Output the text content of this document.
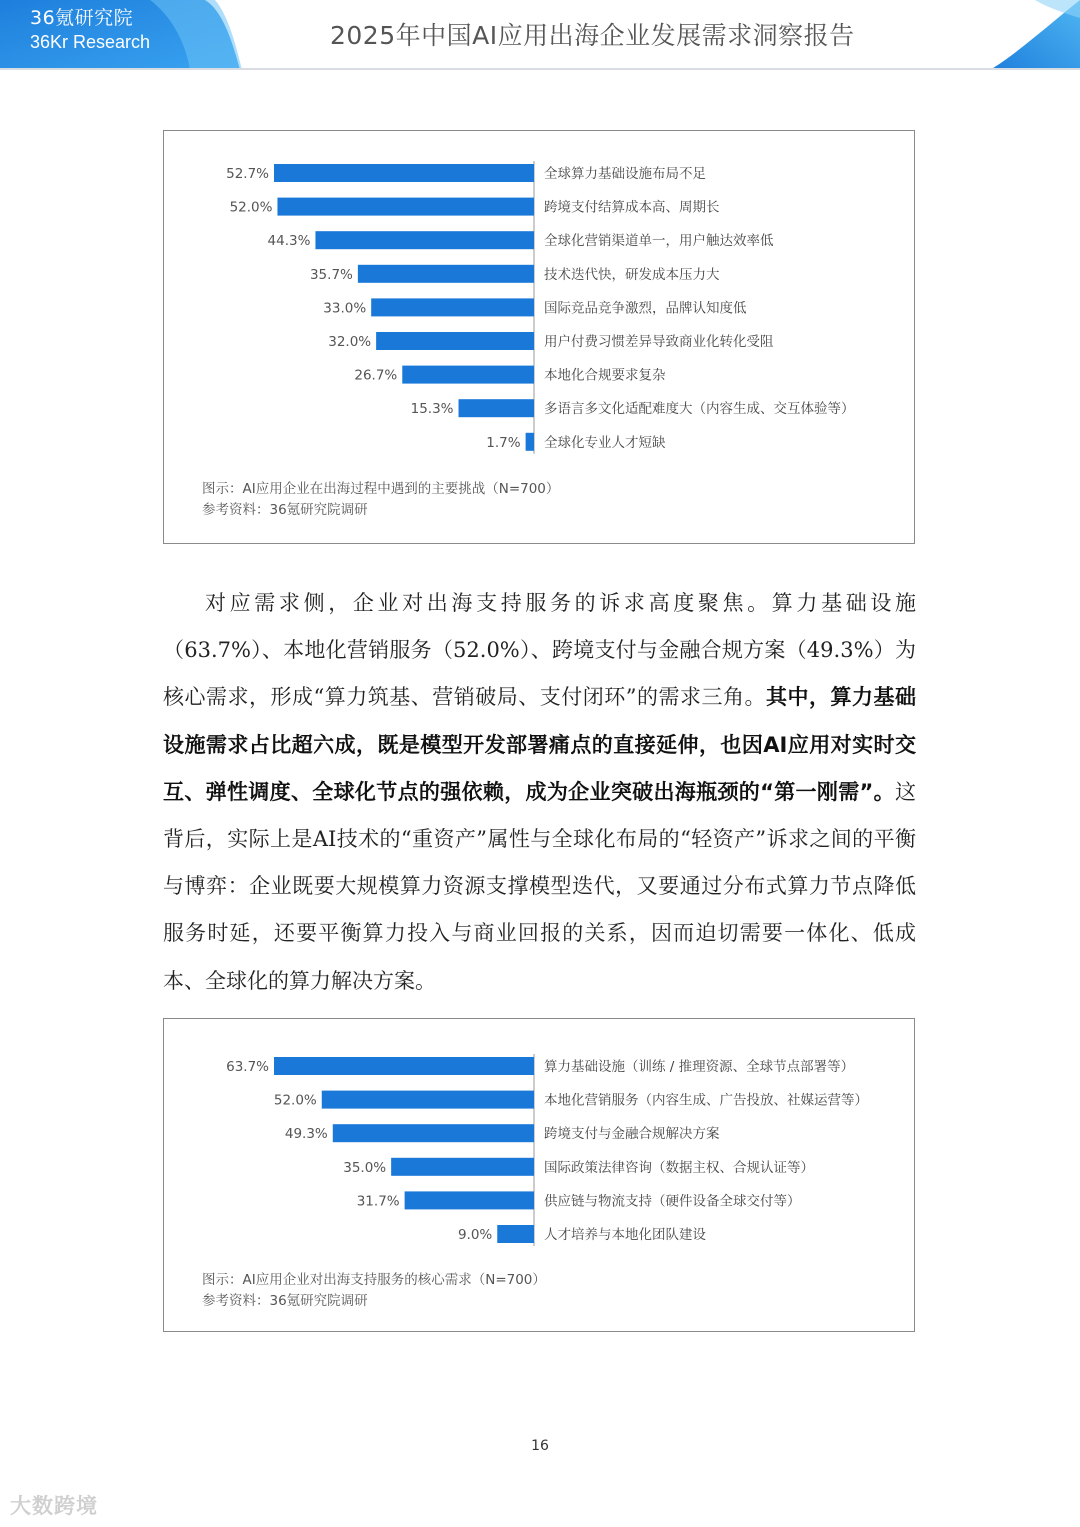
36氪研究院
36Kr Research	2025年中国AI应用出海企业发展需求洞察报告
52.7%	全球算力基础设施布局不足
52.0%	跨境支付结算成本高、周期长
44.3%	全球化营销渠道单一，用户触达效率低
35.7%	技术迭代快，研发成本压力大
33.0%	国际竞品竞争激烈，品牌认知度低
32.0%	用户付费习惯差异导致商业化转化受阻
26.7%	本地化合规要求复杂
15.3%	多语言多文化适配难度大（内容生成、交互体验等）
1.7% 全球化专业人才短缺
图示：AI应用企业在出海过程中遇到的主要挑战（N=700）
参考资料：36氪研究院调研
对应需求侧，企业对出海支持服务的诉求高度聚焦。算力基础设施（63.7%）、本地化营销服务（52.0%）、跨境支付与金融合规方案（49.3%）为核心需求，形成“算力筑基、营销破局、支付闭环”的需求三角。其中，算力基础设施需求占比超六成，既是模型开发部署痛点的直接延伸，也因AI应用对实时交互、弹性调度、全球化节点的强依赖，成为企业突破出海瓶颈的“第一刚需”。这背后，实际上是AI技术的“重资产”属性与全球化布局的“轻资产”诉求之间的平衡与博弈：企业既要大规模算力资源支撑模型迭代，又要通过分布式算力节点降低服务时延，还要平衡算力投入与商业回报的关系，因而迫切需要一体化、低成本、全球化的算力解决方案。
63.7%	算力基础设施（训练 / 推理资源、全球节点部署等）
52.0%	本地化营销服务（内容生成、广告投放、社媒运营等）
49.3%	跨境支付与金融合规解决方案
35.0%	国际政策法律咨询（数据主权、合规认证等）
31.7%	供应链与物流支持（硬件设备全球交付等）
9.0%	人才培养与本地化团队建设
图示：AI应用企业对出海支持服务的核心需求（N=700）
参考资料：36氪研究院调研
16
大数跨境
